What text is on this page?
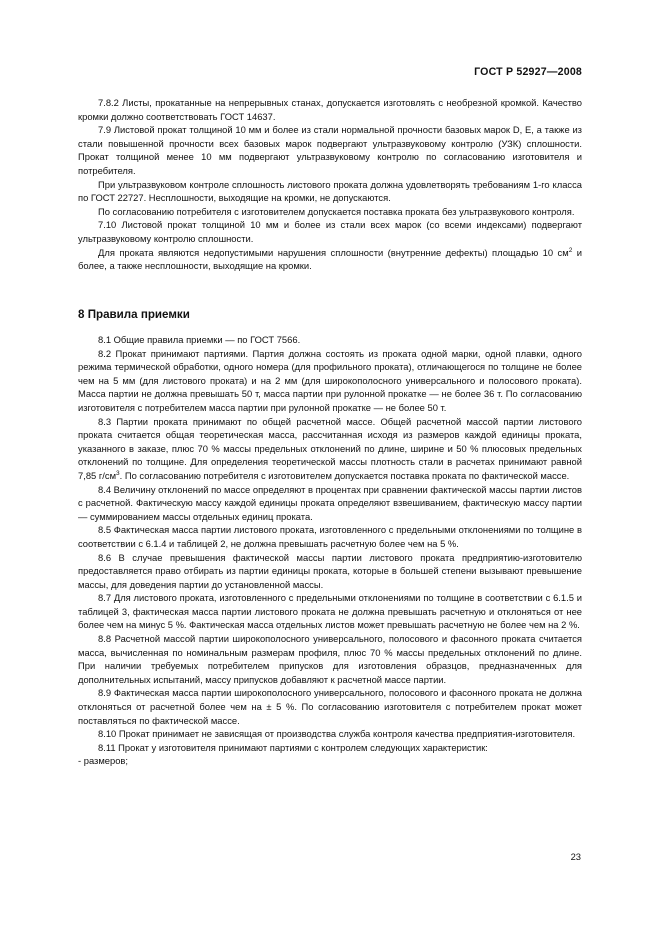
ГОСТ Р 52927—2008

7.8.2 Листы, прокатанные на непрерывных станах, допускается изготовлять с необрезной кромкой. Качество кромки должно соответствовать ГОСТ 14637.

7.9 Листовой прокат толщиной 10 мм и более из стали нормальной прочности базовых марок D, E, а также из стали повышенной прочности всех базовых марок подвергают ультразвуковому контролю (УЗК) сплошности. Прокат толщиной менее 10 мм подвергают ультразвуковому контролю по согласованию изготовителя и потребителя.

При ультразвуковом контроле сплошность листового проката должна удовлетворять требованиям 1-го класса по ГОСТ 22727. Несплошности, выходящие на кромки, не допускаются.

По согласованию потребителя с изготовителем допускается поставка проката без ультразвукового контроля.

7.10 Листовой прокат толщиной 10 мм и более из стали всех марок (со всеми индексами) подвергают ультразвуковому контролю сплошности.

Для проката являются недопустимыми нарушения сплошности (внутренние дефекты) площадью 10 $см^2$ и более, а также несплошности, выходящие на кромки.

8 Правила приемки

8.1 Общие правила приемки — по ГОСТ 7566.

8.2 Прокат принимают партиями. Партия должна состоять из проката одной марки, одной плавки, одного режима термической обработки, одного номера (для профильного проката), отличающегося по толщине не более чем на 5 мм (для листового проката) и на 2 мм (для широкополосного универсального и полосового проката). Масса партии не должна превышать 50 т, масса партии при рулонной прокатке — не более 36 т. По согласованию изготовителя с потребителем масса партии при рулонной прокатке — не более 50 т.

8.3 Партии проката принимают по общей расчетной массе. Общей расчетной массой партии листового проката считается общая теоретическая масса, рассчитанная исходя из размеров каждой единицы проката, указанного в заказе, плюс 70 % массы предельных отклонений по длине, ширине и 50 % плюсовых предельных отклонений по толщине. Для определения теоретической массы плотность стали в расчетах принимают равной 7,85 $г/см^3$. По согласованию потребителя с изготовителем допускается поставка проката по фактической массе.

8.4 Величину отклонений по массе определяют в процентах при сравнении фактической массы партии листов с расчетной. Фактическую массу каждой единицы проката определяют взвешиванием, фактическую массу партии — суммированием массы отдельных единиц проката.

8.5 Фактическая масса партии листового проката, изготовленного с предельными отклонениями по толщине в соответствии с 6.1.4 и таблицей 2, не должна превышать расчетную более чем на 5 %.

8.6 В случае превышения фактической массы партии листового проката предприятию-изготовителю предоставляется право отбирать из партии единицы проката, которые в большей степени вызывают превышение массы, для доведения партии до установленной массы.

8.7 Для листового проката, изготовленного с предельными отклонениями по толщине в соответствии с 6.1.5 и таблицей 3, фактическая масса партии листового проката не должна превышать расчетную и отклоняться от нее более чем на минус 5 %. Фактическая масса отдельных листов может превышать расчетную не более чем на 2 %.

8.8 Расчетной массой партии широкополосного универсального, полосового и фасонного проката считается масса, вычисленная по номинальным размерам профиля, плюс 70 % массы предельных отклонений по длине. При наличии требуемых потребителем припусков для изготовления образцов, предназначенных для дополнительных испытаний, массу припусков добавляют к расчетной массе партии.

8.9 Фактическая масса партии широкополосного универсального, полосового и фасонного проката не должна отклоняться от расчетной более чем на ± 5 %. По согласованию изготовителя с потребителем прокат может поставляться по фактической массе.

8.10 Прокат принимает не зависящая от производства служба контроля качества предприятия-изготовителя.

8.11 Прокат у изготовителя принимают партиями с контролем следующих характеристик:

- размеров;

23
